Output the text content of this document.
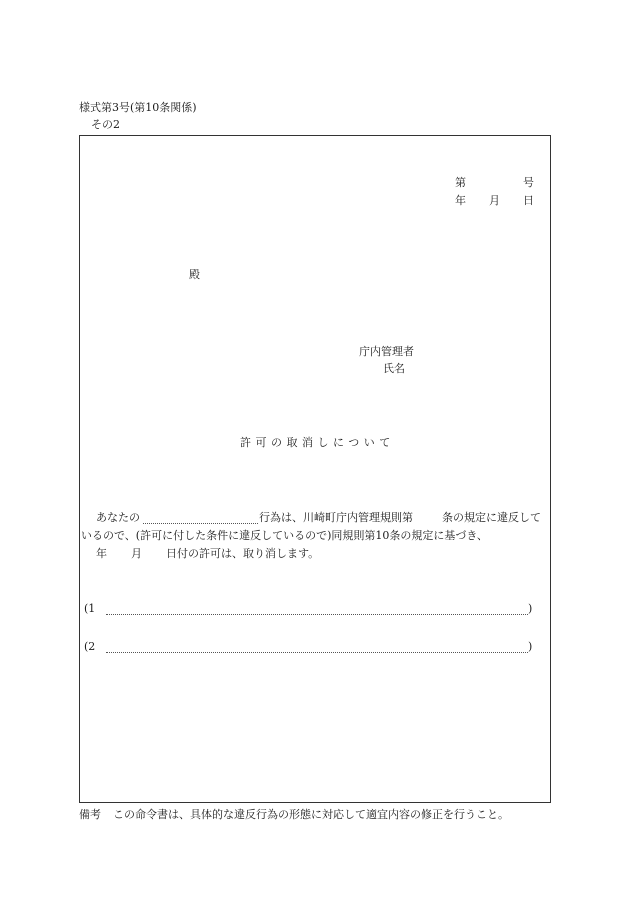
様式第3号(第10条関係)
その2
第	号
年 月 日
殿
庁内管理者
氏名
許可の取消しについて
あなたの	行為は、川崎町庁内管理規則第	条の規定に違反して
いるので、(許可に付した条件に違反しているので)同規則第10条の規定に基づき、
年 月 日付の許可は、取り消します。
(1	)
(2	)
備考 この命令書は、具体的な違反行為の形態に対応して適宜内容の修正を行うこと。
